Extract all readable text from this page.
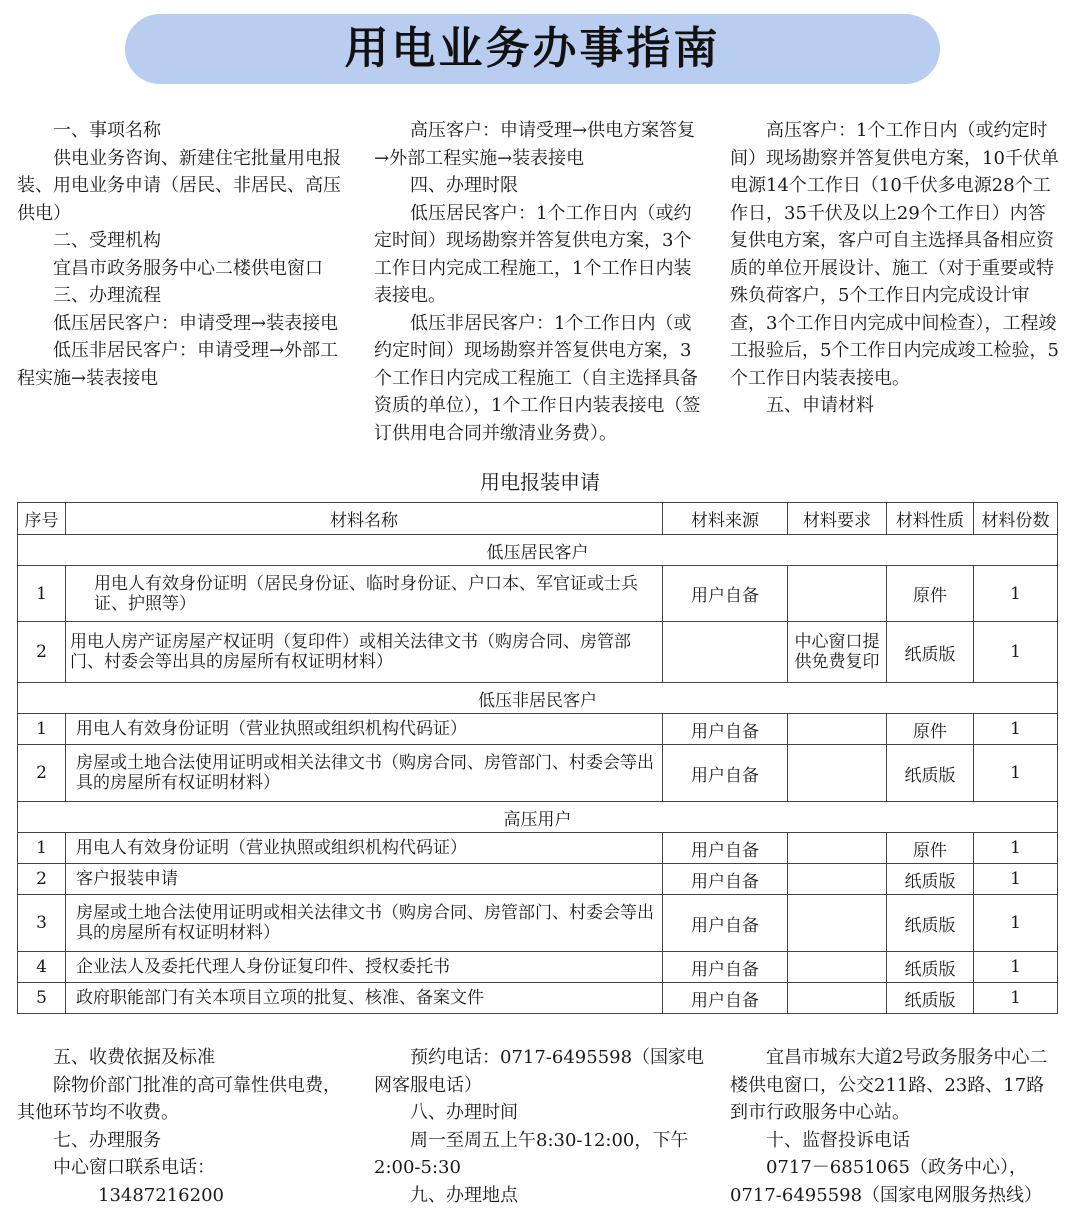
用电业务办事指南

一、事项名称

供电业务咨询、新建住宅批量用电报装、用电业务申请（居民、非居民、高压供电）

二、受理机构

宜昌市政务服务中心二楼供电窗口

三、办理流程

低压居民客户：申请受理→装表接电

低压非居民客户：申请受理→外部工程实施→装表接电

高压客户：申请受理→供电方案答复→外部工程实施→装表接电

四、办理时限

低压居民客户：1个工作日内（或约定时间）现场勘察并答复供电方案，3个工作日内完成工程施工，1个工作日内装表接电。

低压非居民客户：1个工作日内（或约定时间）现场勘察并答复供电方案，3个工作日内完成工程施工（自主选择具备资质的单位），1个工作日内装表接电（签订供用电合同并缴清业务费）。

高压客户：1个工作日内（或约定时间）现场勘察并答复供电方案，10千伏单电源14个工作日（10千伏多电源28个工作日，35千伏及以上29个工作日）内答复供电方案，客户可自主选择具备相应资质的单位开展设计、施工（对于重要或特殊负荷客户，5个工作日内完成设计审查，3个工作日内完成中间检查），工程竣工报验后，5个工作日内完成竣工检验，5个工作日内装表接电。

五、申请材料

用电报装申请
序号	材料名称	材料来源	材料要求	材料性质	材料份数
低压居民客户					
1	用电人有效身份证明（居民身份证、临时身份证、户口本、军官证或士兵证、护照等）	用户自备		原件	1
2	用电人房产证房屋产权证明（复印件）或相关法律文书（购房合同、房管部门、村委会等出具的房屋所有权证明材料）		中心窗口提供免费复印	纸质版	1
低压非居民客户					
1	用电人有效身份证明（营业执照或组织机构代码证）	用户自备		原件	1
2	房屋或土地合法使用证明或相关法律文书（购房合同、房管部门、村委会等出具的房屋所有权证明材料）	用户自备		纸质版	1
高压用户					
1	用电人有效身份证明（营业执照或组织机构代码证）	用户自备		原件	1
2	客户报装申请	用户自备		纸质版	1
3	房屋或土地合法使用证明或相关法律文书（购房合同、房管部门、村委会等出具的房屋所有权证明材料）	用户自备		纸质版	1
4	企业法人及委托代理人身份证复印件、授权委托书	用户自备		纸质版	1
5	政府职能部门有关本项目立项的批复、核准、备案文件	用户自备		纸质版	1

五、收费依据及标准

除物价部门批准的高可靠性供电费，其他环节均不收费。

七、办理服务

中心窗口联系电话：

13487216200

预约电话：0717-6495598（国家电网客服电话）

八、办理时间

周一至周五上午8:30-12:00，下午2:00-5:30

九、办理地点

宜昌市城东大道2号政务服务中心二楼供电窗口，公交211路、23路、17路到市行政服务中心站。

十、监督投诉电话

0717－6851065（政务中心），0717-6495598（国家电网服务热线）
